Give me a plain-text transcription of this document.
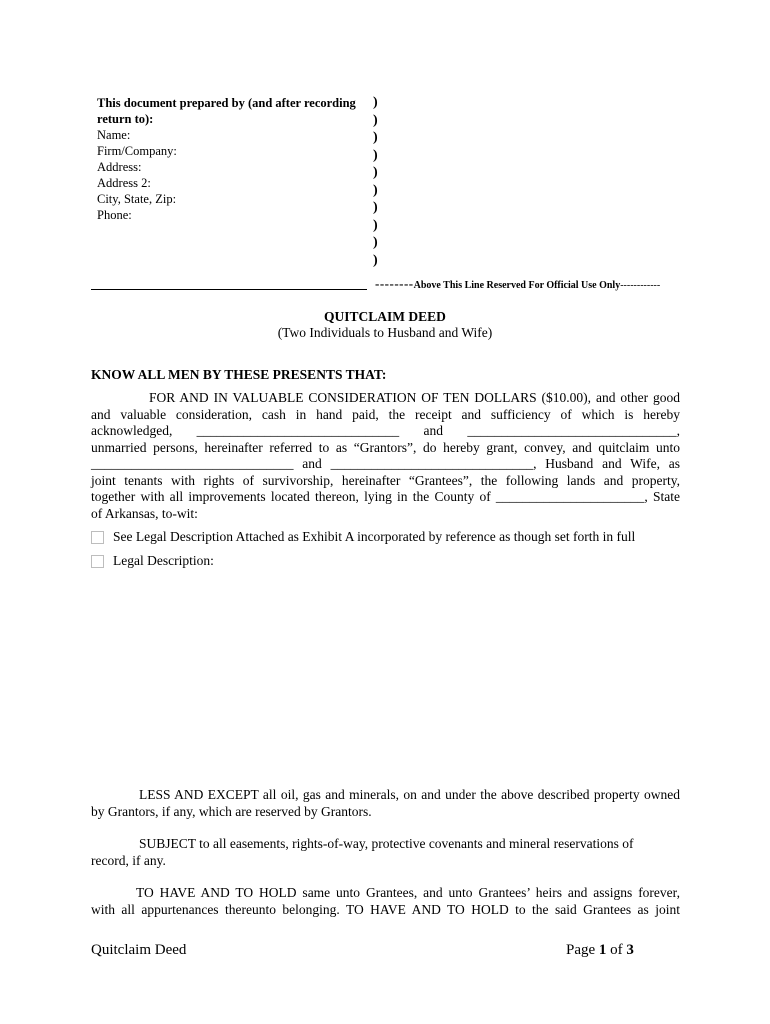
This document prepared by (and after recording return to):
Name:
Firm/Company:
Address:
Address 2:
City, State, Zip:
Phone:
)
)
)
)
)
)
)
)
)
)
--------Above This Line Reserved For Official Use Only------------
QUITCLAIM DEED
(Two Individuals to Husband and Wife)
KNOW ALL MEN BY THESE PRESENTS THAT:
FOR AND IN VALUABLE CONSIDERATION OF TEN DOLLARS ($10.00), and other good
and valuable consideration, cash in hand paid, the receipt and sufficiency of which is hereby
acknowledged, ______________________________ and _______________________________,
unmarried persons, hereinafter referred to as “Grantors”, do hereby grant, convey, and quitclaim unto
______________________________ and ______________________________, Husband and Wife, as
joint tenants with rights of survivorship, hereinafter “Grantees”, the following lands and property,
together with all improvements located thereon, lying in the County of ______________________, State
of Arkansas, to-wit:
See Legal Description Attached as Exhibit A incorporated by reference as though set forth in full
Legal Description:
LESS AND EXCEPT all oil, gas and minerals, on and under the above described property owned
by Grantors, if any, which are reserved by Grantors.
SUBJECT to all easements, rights-of-way, protective covenants and mineral reservations of
record, if any.
TO HAVE AND TO HOLD same unto Grantees, and unto Grantees’ heirs and assigns forever,
with all appurtenances thereunto belonging. TO HAVE AND TO HOLD to the said Grantees as joint
Quitclaim Deed	Page 1 of 3
